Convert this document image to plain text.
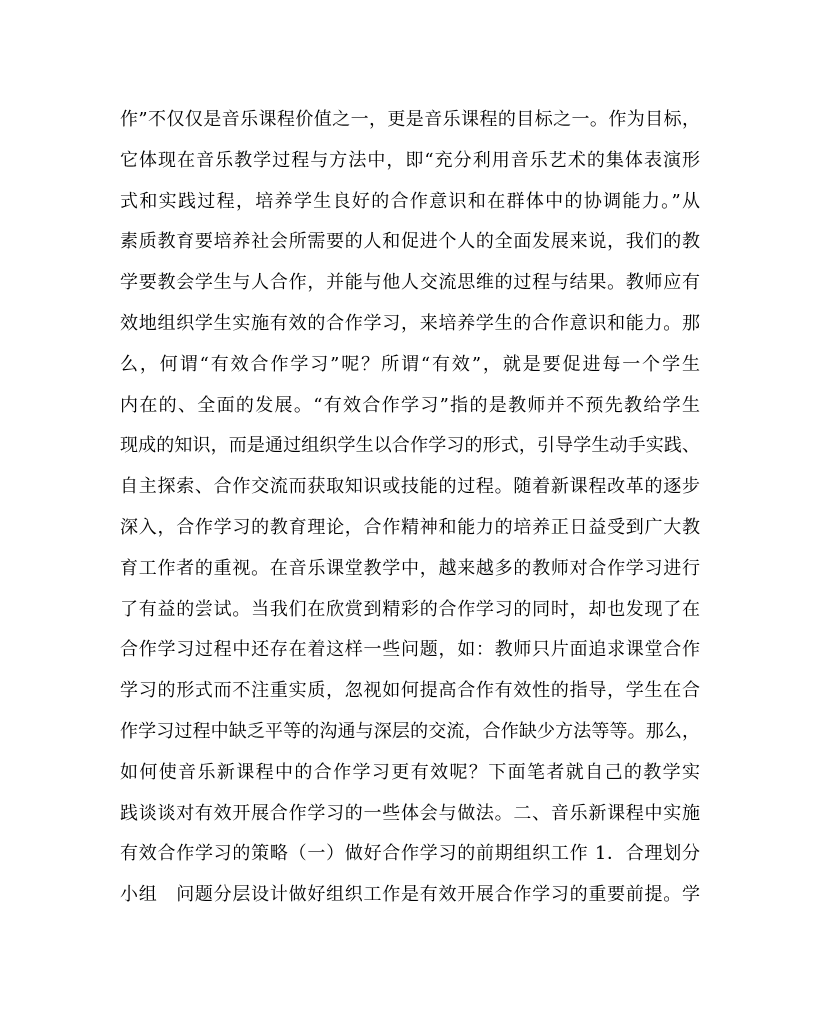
作”不仅仅是音乐课程价值之一，更是音乐课程的目标之一。作为目标，
它体现在音乐教学过程与方法中，即“充分利用音乐艺术的集体表演形
式和实践过程，培养学生良好的合作意识和在群体中的协调能力。”从
素质教育要培养社会所需要的人和促进个人的全面发展来说，我们的教
学要教会学生与人合作，并能与他人交流思维的过程与结果。教师应有
效地组织学生实施有效的合作学习，来培养学生的合作意识和能力。那
么，何谓“有效合作学习”呢？所谓“有效”，就是要促进每一个学生
内在的、全面的发展。“有效合作学习”指的是教师并不预先教给学生
现成的知识，而是通过组织学生以合作学习的形式，引导学生动手实践、
自主探索、合作交流而获取知识或技能的过程。随着新课程改革的逐步
深入，合作学习的教育理论，合作精神和能力的培养正日益受到广大教
育工作者的重视。在音乐课堂教学中，越来越多的教师对合作学习进行
了有益的尝试。当我们在欣赏到精彩的合作学习的同时，却也发现了在
合作学习过程中还存在着这样一些问题，如：教师只片面追求课堂合作
学习的形式而不注重实质，忽视如何提高合作有效性的指导，学生在合
作学习过程中缺乏平等的沟通与深层的交流，合作缺少方法等等。那么，
如何使音乐新课程中的合作学习更有效呢？下面笔者就自己的教学实
践谈谈对有效开展合作学习的一些体会与做法。二、音乐新课程中实施
有效合作学习的策略（一）做好合作学习的前期组织工作 1．合理划分
小组　问题分层设计做好组织工作是有效开展合作学习的重要前提。学
